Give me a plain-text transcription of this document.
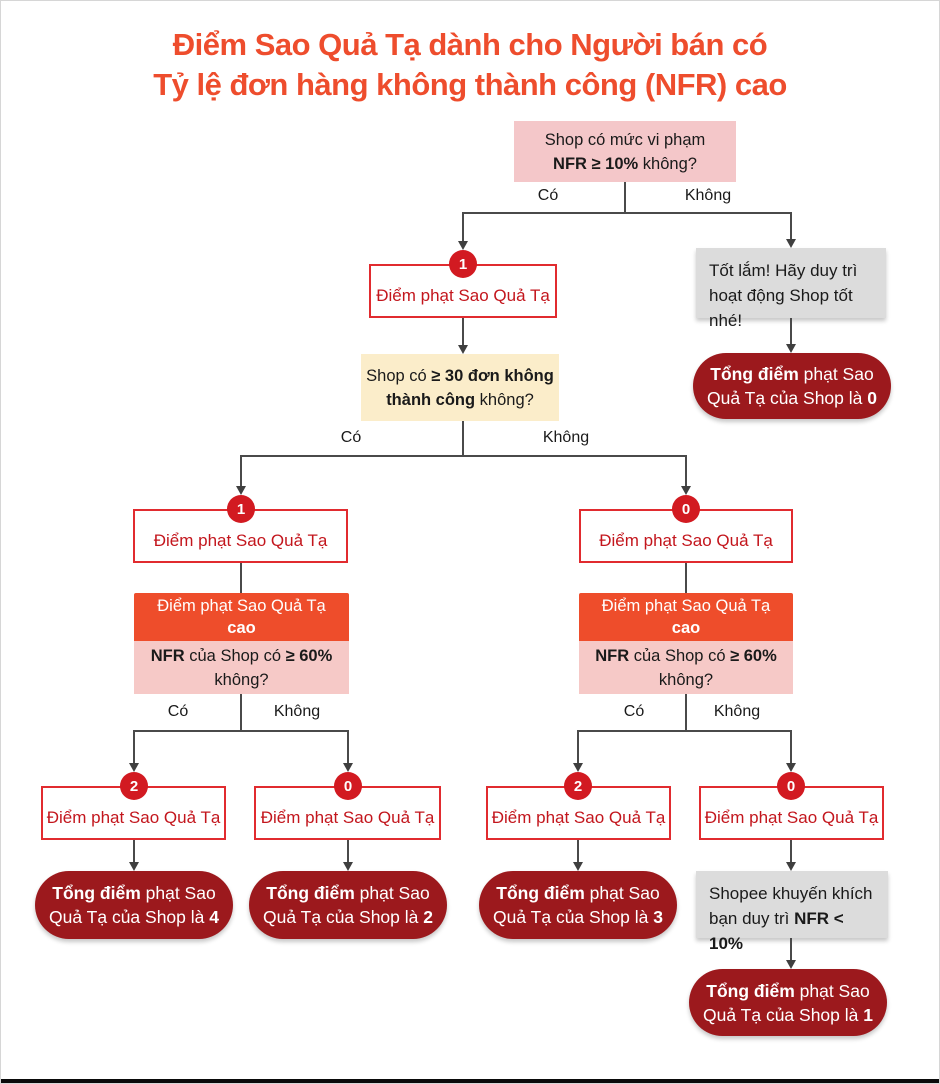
Điểm Sao Quả Tạ dành cho Người bán có
Tỷ lệ đơn hàng không thành công (NFR) cao
Shop có mức vi phạm
NFR ≥ 10% không?
Có	Không
Điểm phạt Sao Quả Tạ
1	Tốt lắm! Hãy duy trì
hoạt động Shop tốt nhé!
Tổng điểm phạt Sao
Quả Tạ của Shop là 0
Shop có ≥ 30 đơn không
thành công không?
Có	Không
Điểm phạt Sao Quả Tạ
1
Điểm phạt Sao Quả Tạ
0
Điểm phạt Sao Quả Tạ
cao
NFR của Shop có ≥ 60%
không?
Điểm phạt Sao Quả Tạ
cao
NFR của Shop có ≥ 60%
không?
Có	Không	Có	Không
Điểm phạt Sao Quả Tạ
2
Điểm phạt Sao Quả Tạ
0
Điểm phạt Sao Quả Tạ
2
Điểm phạt Sao Quả Tạ
0
Tổng điểm phạt Sao
Quả Tạ của Shop là 4
Tổng điểm phạt Sao
Quả Tạ của Shop là 2
Tổng điểm phạt Sao
Quả Tạ của Shop là 3
Shopee khuyến khích
bạn duy trì NFR < 10%
Tổng điểm phạt Sao
Quả Tạ của Shop là 1
